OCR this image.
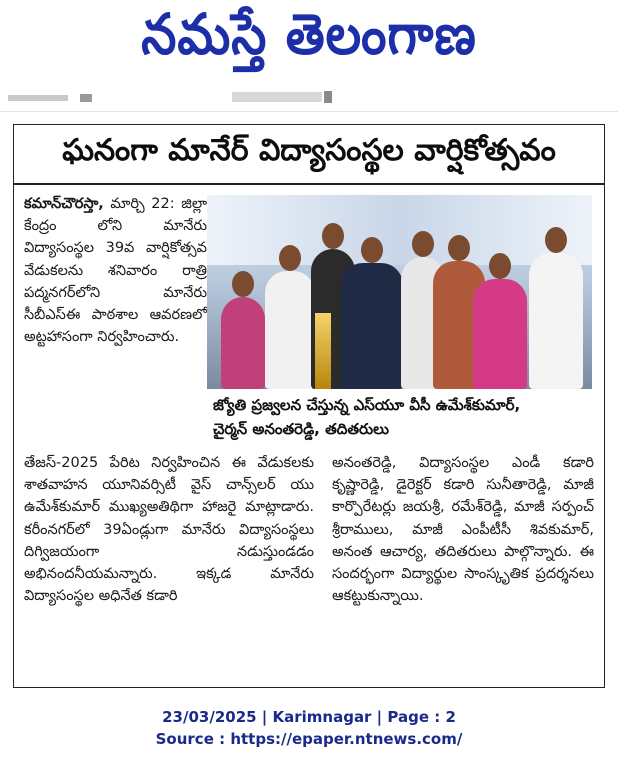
నమస్తే తెలంగాణ
ఘనంగా మానేర్ విద్యాసంస్థల వార్షికోత్సవం
కమాన్‌చౌరస్తా, మార్చి 22: జిల్లా కేంద్రం లోని మానేరు విద్యాసంస్థల 39వ వార్షికోత్సవ వేడుకలను శనివారం రాత్రి పద్మనగర్‌లోని మానేరు సీబీఎస్‌ఈ పాఠశాల ఆవరణలో అట్టహాసంగా నిర్వహించారు.
జ్యోతి ప్రజ్వలన చేస్తున్న ఎస్‌యూ వీసీ ఉమేశ్‌కుమార్,
చైర్మన్ అనంతరెడ్డి, తదితరులు
తేజస్-2025 పేరిట నిర్వహించిన ఈ వేడుకలకు శాతవాహన యూనివర్సిటీ వైస్ చాన్స్‌లర్ యు ఉమేశ్‌కుమార్ ముఖ్యఅతిథిగా హాజరై మాట్లాడారు. కరీంనగర్‌లో 39ఏండ్లుగా మానేరు విద్యాసంస్థలు దిగ్విజయంగా నడుస్తుండడం అభినందనీయమన్నారు. ఇక్కడ మానేరు విద్యాసంస్థల అధినేత కడారి
అనంతరెడ్డి, విద్యాసంస్థల ఎండీ కడారి కృష్ణారెడ్డి, డైరెక్టర్ కడారి సునీతారెడ్డి, మాజీ కార్పొరేటర్లు జయశ్రీ, రమేశ్‌రెడ్డి, మాజీ సర్పంచ్ శ్రీరాములు, మాజీ ఎంపీటీసీ శివకుమార్, అనంత ఆచార్య, తదితరులు పాల్గొన్నారు. ఈ సందర్భంగా విద్యార్థుల సాంస్కృతిక ప్రదర్శనలు ఆకట్టుకున్నాయి.
23/03/2025 | Karimnagar | Page : 2
Source : https://epaper.ntnews.com/
